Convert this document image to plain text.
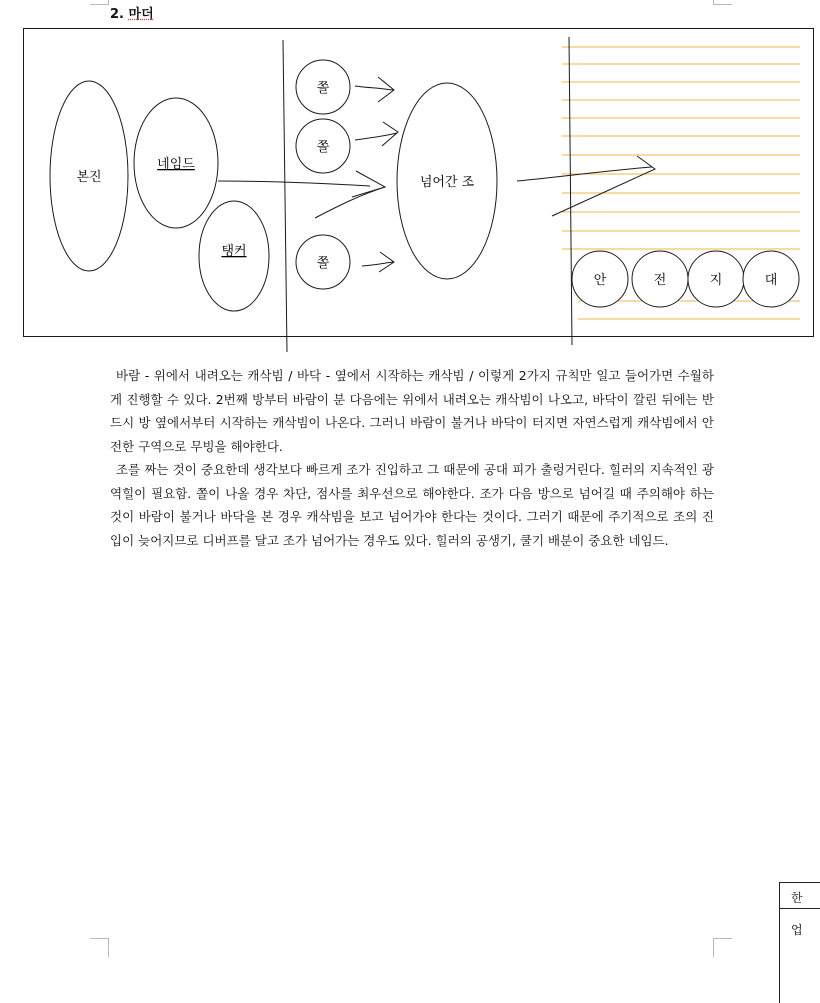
2. 마더
본진
네임드
탱커
쫄
쫄
쫄
넘어간 조
안	전	지	대

바람 - 위에서 내려오는 캐삭빔 / 바닥 - 옆에서 시작하는 캐삭빔 / 이렇게 2가지 규칙만 일고 들어가면 수월하게 진행할 수 있다. 2번째 방부터 바람이 분 다음에는 위에서 내려오는 캐삭빔이 나오고, 바닥이 깔린 뒤에는 반드시 방 옆에서부터 시작하는 캐삭빔이 나온다. 그러니 바람이 불거나 바닥이 터지면 자연스럽게 캐삭빔에서 안전한 구역으로 무빙을 해야한다.

조를 짜는 것이 중요한데 생각보다 빠르게 조가 진입하고 그 때문에 공대 피가 출렁거린다. 힐러의 지속적인 광역힐이 필요함. 쫄이 나올 경우 차단, 점사를 최우선으로 해야한다. 조가 다음 방으로 넘어길 때 주의해야 하는 것이 바람이 불거나 바닥을 본 경우 캐삭빔을 보고 넘어가야 한다는 것이다. 그러기 때문에 주기적으로 조의 진입이 늦어지므로 디버프를 달고 조가 넘어가는 경우도 있다. 힐러의 공생기, 쿨기 배분이 중요한 네임드.

한
업
